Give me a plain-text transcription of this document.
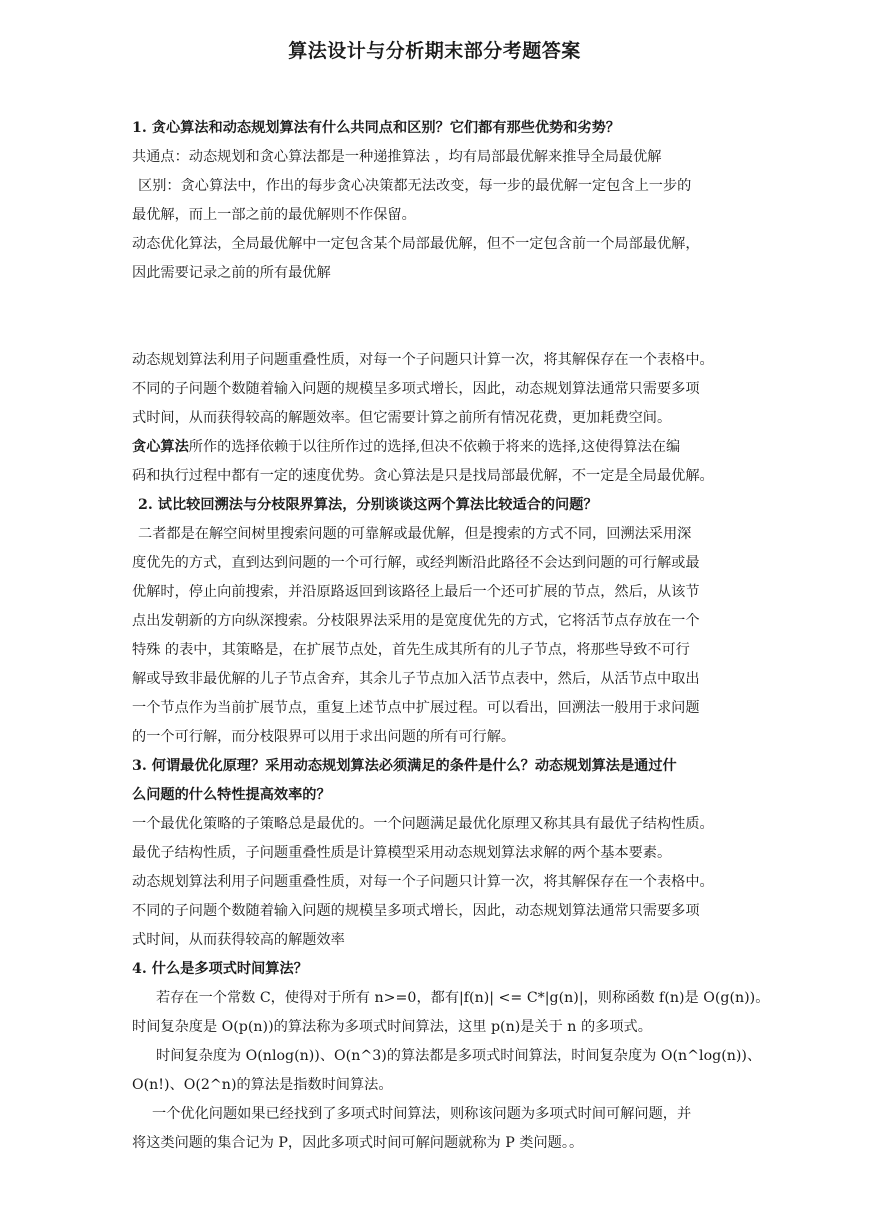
算法设计与分析期末部分考题答案
1. 贪心算法和动态规划算法有什么共同点和区别？它们都有那些优势和劣势？
共通点：动态规划和贪心算法都是一种递推算法 ，均有局部最优解来推导全局最优解
区别：贪心算法中，作出的每步贪心决策都无法改变，每一步的最优解一定包含上一步的
最优解，而上一部之前的最优解则不作保留。
动态优化算法，全局最优解中一定包含某个局部最优解，但不一定包含前一个局部最优解，
因此需要记录之前的所有最优解
动态规划算法利用子问题重叠性质，对每一个子问题只计算一次，将其解保存在一个表格中。
不同的子问题个数随着输入问题的规模呈多项式增长，因此，动态规划算法通常只需要多项
式时间，从而获得较高的解题效率。但它需要计算之前所有情况花费，更加耗费空间。
贪心算法所作的选择依赖于以往所作过的选择,但决不依赖于将来的选择,这使得算法在编
码和执行过程中都有一定的速度优势。贪心算法是只是找局部最优解，不一定是全局最优解。
2. 试比较回溯法与分枝限界算法，分别谈谈这两个算法比较适合的问题？
二者都是在解空间树里搜索问题的可靠解或最优解，但是搜索的方式不同，回溯法采用深
度优先的方式，直到达到问题的一个可行解，或经判断沿此路径不会达到问题的可行解或最
优解时，停止向前搜索，并沿原路返回到该路径上最后一个还可扩展的节点，然后，从该节
点出发朝新的方向纵深搜索。分枝限界法采用的是宽度优先的方式，它将活节点存放在一个
特殊 的表中，其策略是，在扩展节点处，首先生成其所有的儿子节点，将那些导致不可行
解或导致非最优解的儿子节点舍弃，其余儿子节点加入活节点表中，然后，从活节点中取出
一个节点作为当前扩展节点，重复上述节点中扩展过程。可以看出，回溯法一般用于求问题
的一个可行解，而分枝限界可以用于求出问题的所有可行解。
3. 何谓最优化原理？采用动态规划算法必须满足的条件是什么？动态规划算法是通过什
么问题的什么特性提高效率的？
一个最优化策略的子策略总是最优的。一个问题满足最优化原理又称其具有最优子结构性质。
最优子结构性质，子问题重叠性质是计算模型采用动态规划算法求解的两个基本要素。
动态规划算法利用子问题重叠性质，对每一个子问题只计算一次，将其解保存在一个表格中。
不同的子问题个数随着输入问题的规模呈多项式增长，因此，动态规划算法通常只需要多项
式时间，从而获得较高的解题效率
4. 什么是多项式时间算法？
若存在一个常数 C，使得对于所有 n>=0，都有|f(n)| <= C*|g(n)|，则称函数 f(n)是 O(g(n))。
时间复杂度是 O(p(n))的算法称为多项式时间算法，这里 p(n)是关于 n 的多项式。
时间复杂度为 O(nlog(n))、O(n^3)的算法都是多项式时间算法，时间复杂度为 O(n^log(n))、
O(n!)、O(2^n)的算法是指数时间算法。
一个优化问题如果已经找到了多项式时间算法，则称该问题为多项式时间可解问题，并
将这类问题的集合记为 P，因此多项式时间可解问题就称为 P 类问题。。
